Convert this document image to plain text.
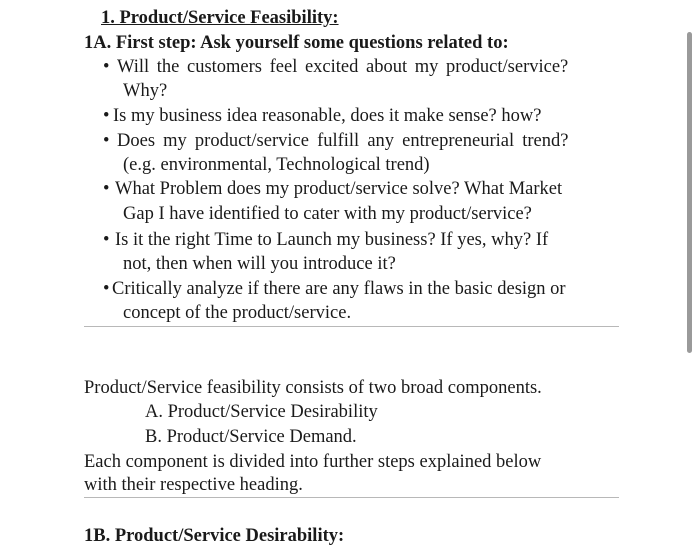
1. Product/Service Feasibility:
1A. First step: Ask yourself some questions related to:
• Will the customers feel excited about my product/service?
Why?
• Is my business idea reasonable, does it make sense? how?
• Does my product/service fulfill any entrepreneurial trend?
(e.g. environmental, Technological trend)
• What Problem does my product/service solve? What Market
Gap I have identified to cater with my product/service?
• Is it the right Time to Launch my business? If yes, why? If
not, then when will you introduce it?
• Critically analyze if there are any flaws in the basic design or
concept of the product/service.
Product/Service feasibility consists of two broad components.
A. Product/Service Desirability
B. Product/Service Demand.
Each component is divided into further steps explained below
with their respective heading.
1B. Product/Service Desirability:
